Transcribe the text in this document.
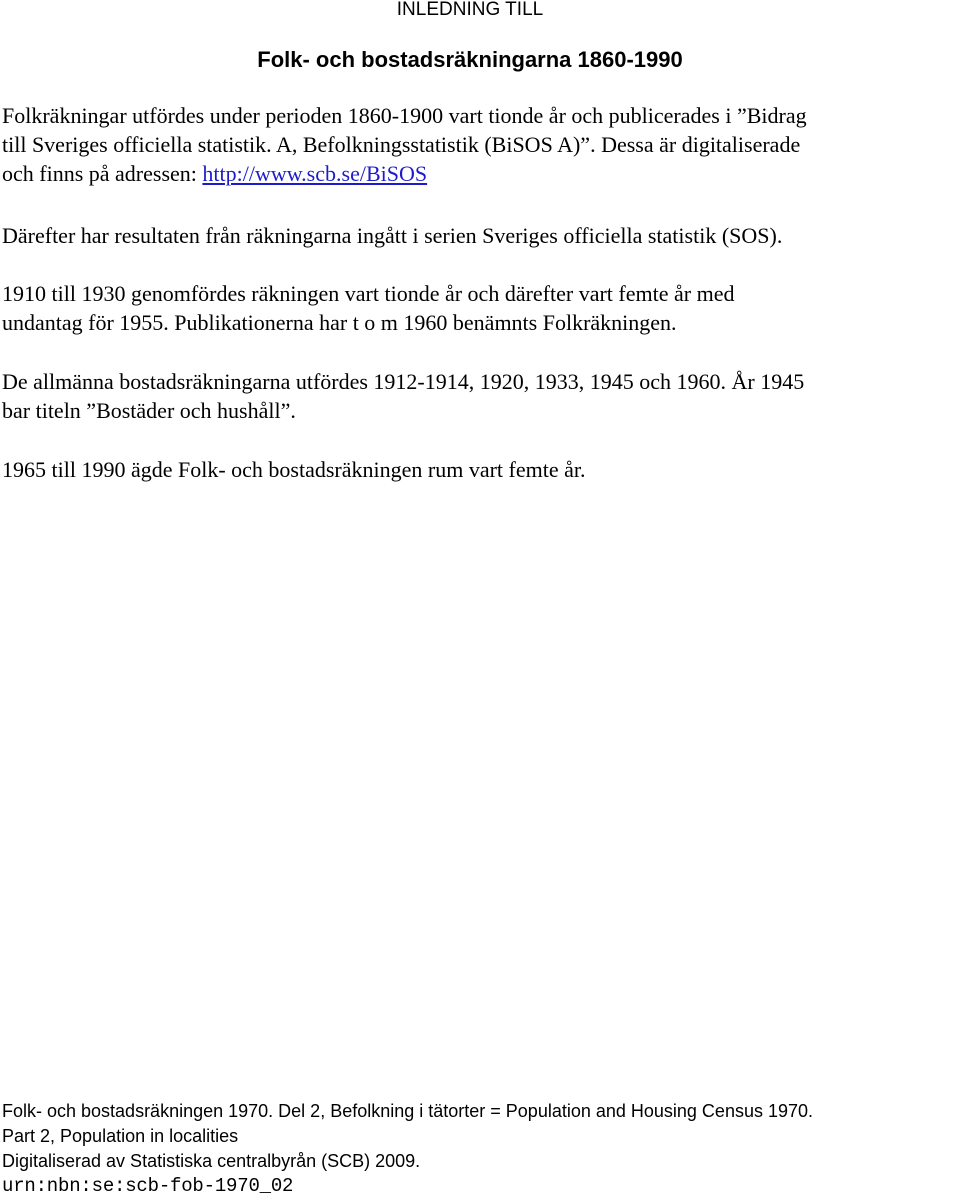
INLEDNING TILL
Folk- och bostadsräkningarna 1860-1990
Folkräkningar utfördes under perioden 1860-1900 vart tionde år och publicerades i ”Bidrag
till Sveriges officiella statistik. A, Befolkningsstatistik (BiSOS A)”. Dessa är digitaliserade
och finns på adressen: http://www.scb.se/BiSOS
Därefter har resultaten från räkningarna ingått i serien Sveriges officiella statistik (SOS).
1910 till 1930 genomfördes räkningen vart tionde år och därefter vart femte år med
undantag för 1955. Publikationerna har t o m 1960 benämnts Folkräkningen.
De allmänna bostadsräkningarna utfördes 1912-1914, 1920, 1933, 1945 och 1960. År 1945
bar titeln ”Bostäder och hushåll”.
1965 till 1990 ägde Folk- och bostadsräkningen rum vart femte år.
Folk- och bostadsräkningen 1970. Del 2, Befolkning i tätorter = Population and Housing Census 1970.
Part 2, Population in localities
Digitaliserad av Statistiska centralbyrån (SCB) 2009.
urn:nbn:se:scb-fob-1970_02
